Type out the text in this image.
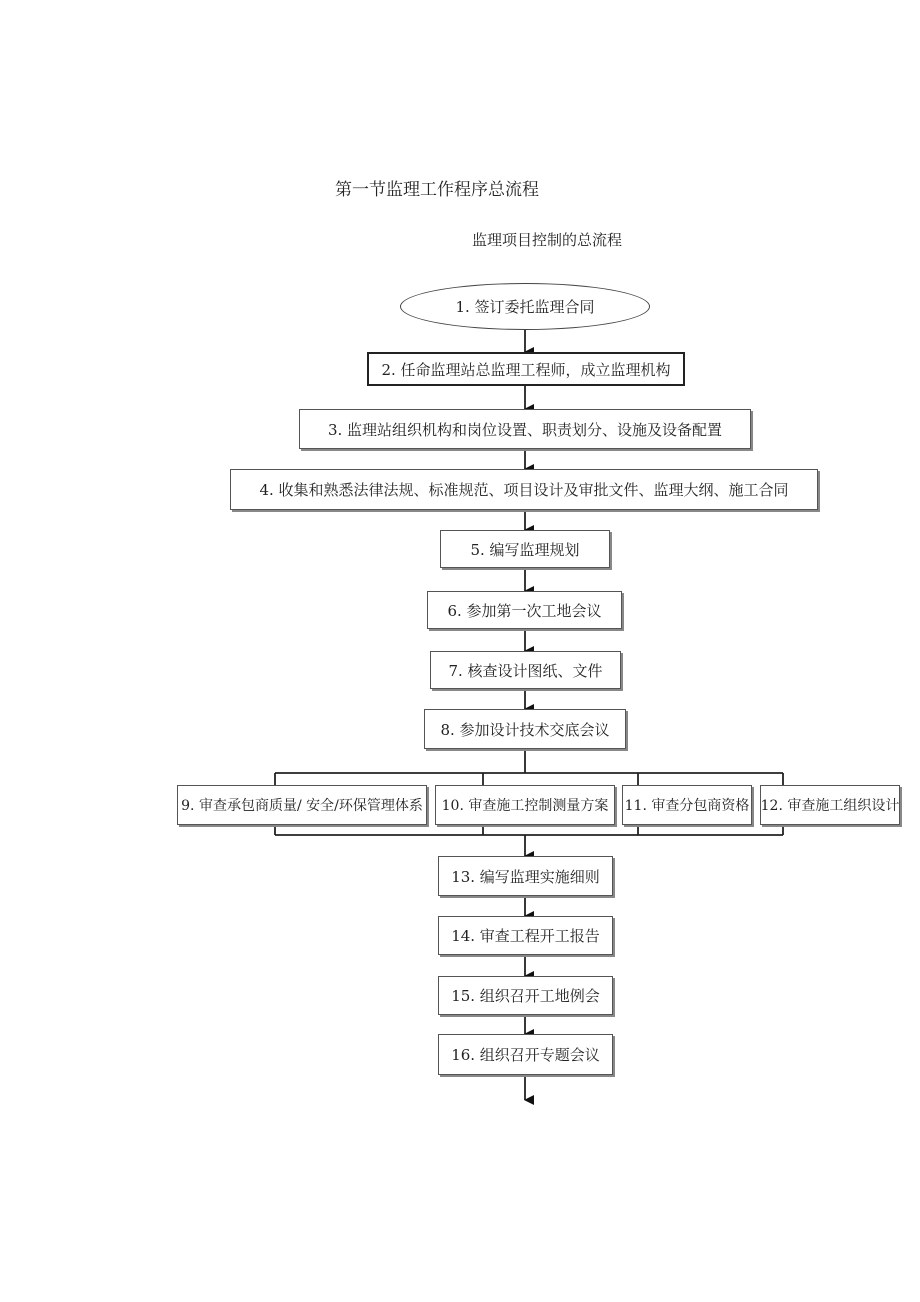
第一节监理工作程序总流程
监理项目控制的总流程
1. 签订委托监理合同
2. 任命监理站总监理工程师，成立监理机构
3. 监理站组织机构和岗位设置、职责划分、设施及设备配置
4. 收集和熟悉法律法规、标准规范、项目设计及审批文件、监理大纲、施工合同
5. 编写监理规划
6. 参加第一次工地会议
7. 核查设计图纸、文件
8. 参加设计技术交底会议
9. 审查承包商质量/ 安全/环保管理体系 10. 审查施工控制测量方案 11. 审查分包商资格 12. 审查施工组织设计
13. 编写监理实施细则
14. 审查工程开工报告
15. 组织召开工地例会
16. 组织召开专题会议
